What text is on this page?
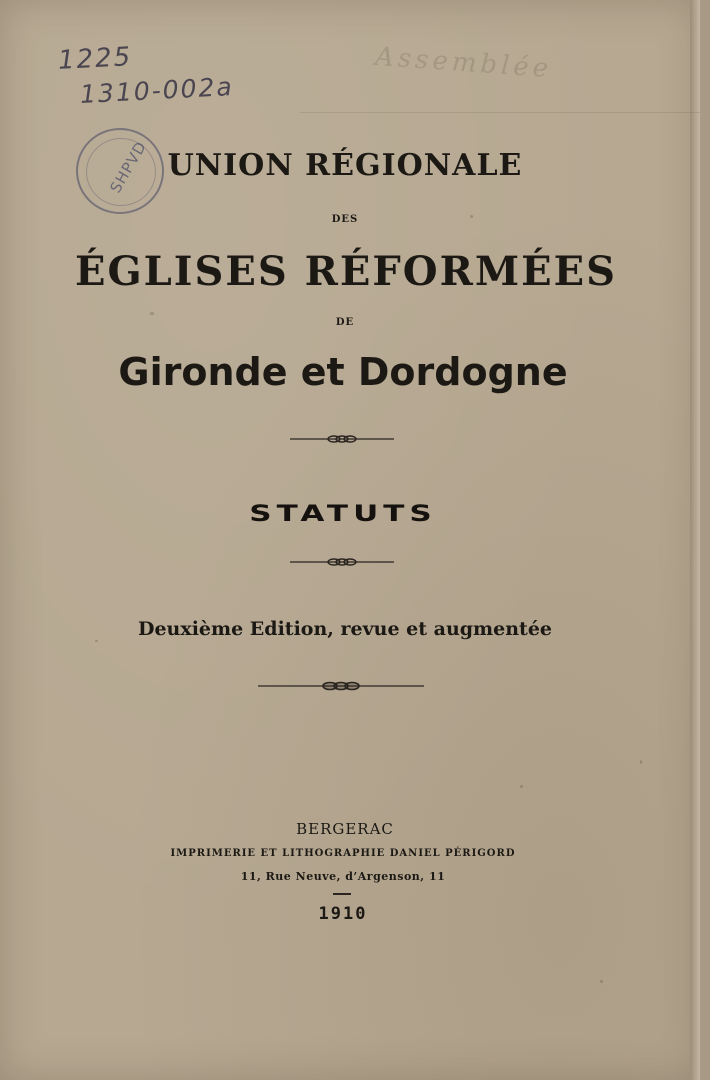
1225
1310-002a
Assemblée
SHPVD UNION RÉGIONALE
DES
ÉGLISES RÉFORMÉES
DE
Gironde et Dordogne
STATUTS
Deuxième Edition, revue et augmentée
BERGERAC
IMPRIMERIE ET LITHOGRAPHIE DANIEL PÉRIGORD
11, Rue Neuve, d’Argenson, 11
1910
